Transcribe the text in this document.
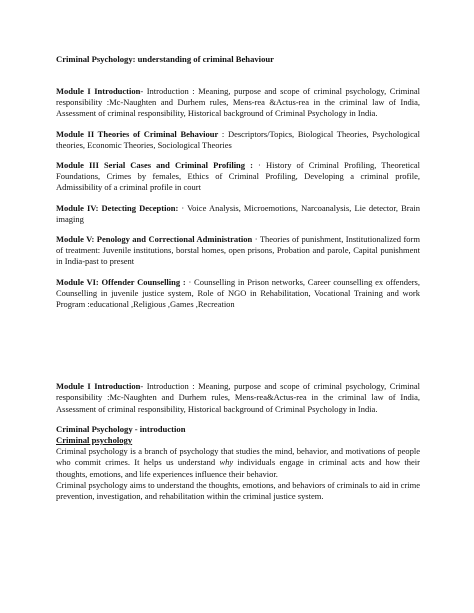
Criminal Psychology: understanding of criminal Behaviour

Module I Introduction- Introduction : Meaning, purpose and scope of criminal psychology, Criminal responsibility :Mc-Naughten and Durhem rules, Mens-rea &Actus-rea in the criminal law of India, Assessment of criminal responsibility, Historical background of Criminal Psychology in India.

Module II Theories of Criminal Behaviour : Descriptors/Topics, Biological Theories, Psychological theories, Economic Theories, Sociological Theories

Module III Serial Cases and Criminal Profiling : · History of Criminal Profiling, Theoretical Foundations, Crimes by females, Ethics of Criminal Profiling, Developing a criminal profile, Admissibility of a criminal profile in court

Module IV: Detecting Deception: · Voice Analysis, Microemotions, Narcoanalysis, Lie detector, Brain imaging

Module V: Penology and Correctional Administration · Theories of punishment, Institutionalized form of treatment: Juvenile institutions, borstal homes, open prisons, Probation and parole, Capital punishment in India-past to present

Module VI: Offender Counselling : · Counselling in Prison networks, Career counselling ex offenders, Counselling in juvenile justice system, Role of NGO in Rehabilitation, Vocational Training and work Program :educational ,Religious ,Games ,Recreation

Module I Introduction- Introduction : Meaning, purpose and scope of criminal psychology, Criminal responsibility :Mc-Naughten and Durhem rules, Mens-rea&Actus-rea in the criminal law of India, Assessment of criminal responsibility, Historical background of Criminal Psychology in India.

Criminal Psychology - introduction

Criminal psychology

Criminal psychology is a branch of psychology that studies the mind, behavior, and motivations of people who commit crimes. It helps us understand why individuals engage in criminal acts and how their thoughts, emotions, and life experiences influence their behavior.

Criminal psychology aims to understand the thoughts, emotions, and behaviors of criminals to aid in crime prevention, investigation, and rehabilitation within the criminal justice system.
